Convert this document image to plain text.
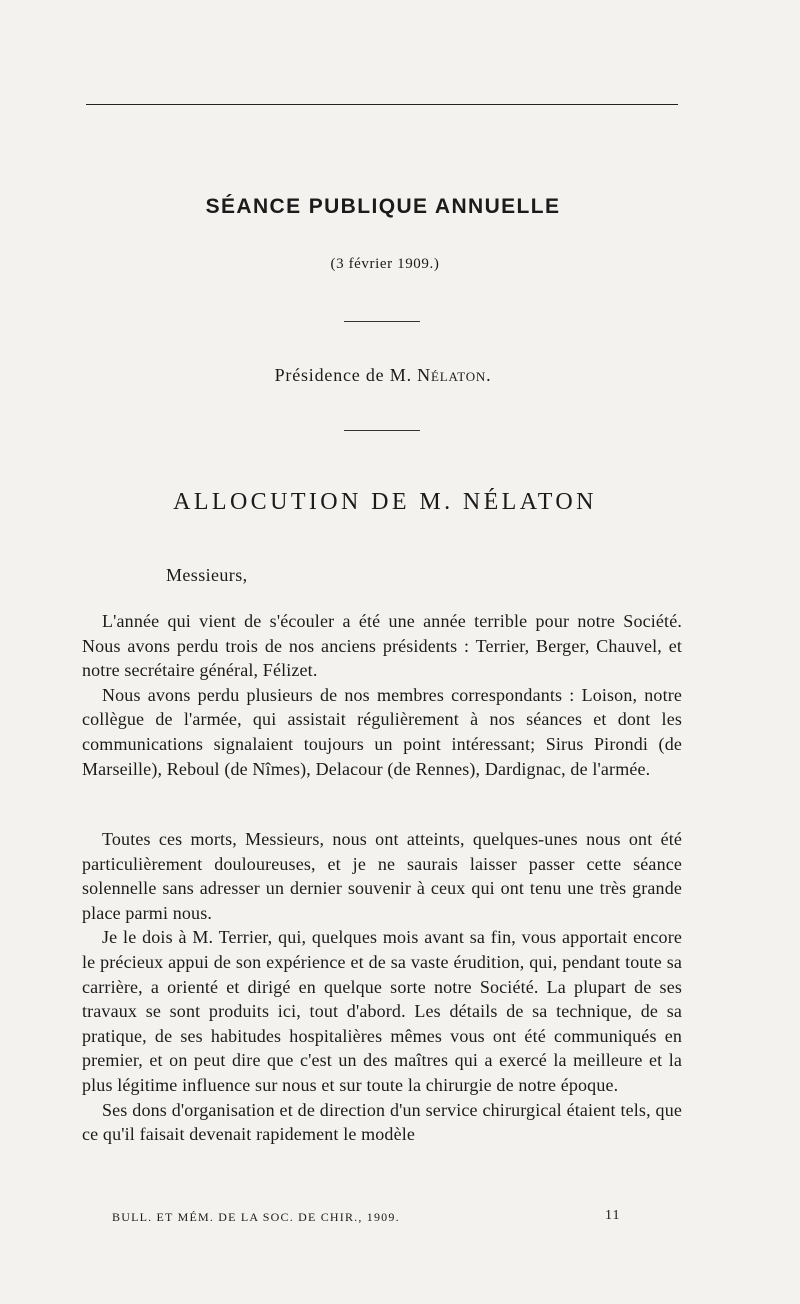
SÉANCE PUBLIQUE ANNUELLE
(3 février 1909.)
Présidence de M. Nélaton.
ALLOCUTION DE M. NÉLATON
Messieurs,

L'année qui vient de s'écouler a été une année terrible pour notre Société. Nous avons perdu trois de nos anciens présidents : Terrier, Berger, Chauvel, et notre secrétaire général, Félizet.

Nous avons perdu plusieurs de nos membres correspondants : Loison, notre collègue de l'armée, qui assistait régulièrement à nos séances et dont les communications signalaient toujours un point intéressant; Sirus Pirondi (de Marseille), Reboul (de Nîmes), Delacour (de Rennes), Dardignac, de l'armée.

Toutes ces morts, Messieurs, nous ont atteints, quelques-unes nous ont été particulièrement douloureuses, et je ne saurais laisser passer cette séance solennelle sans adresser un dernier souvenir à ceux qui ont tenu une très grande place parmi nous.

Je le dois à M. Terrier, qui, quelques mois avant sa fin, vous apportait encore le précieux appui de son expérience et de sa vaste érudition, qui, pendant toute sa carrière, a orienté et dirigé en quelque sorte notre Société. La plupart de ses travaux se sont produits ici, tout d'abord. Les détails de sa technique, de sa pratique, de ses habitudes hospitalières mêmes vous ont été communiqués en premier, et on peut dire que c'est un des maîtres qui a exercé la meilleure et la plus légitime influence sur nous et sur toute la chirurgie de notre époque.

Ses dons d'organisation et de direction d'un service chirurgical étaient tels, que ce qu'il faisait devenait rapidement le modèle

BULL. ET MÉM. DE LA SOC. DE CHIR., 1909.	11
